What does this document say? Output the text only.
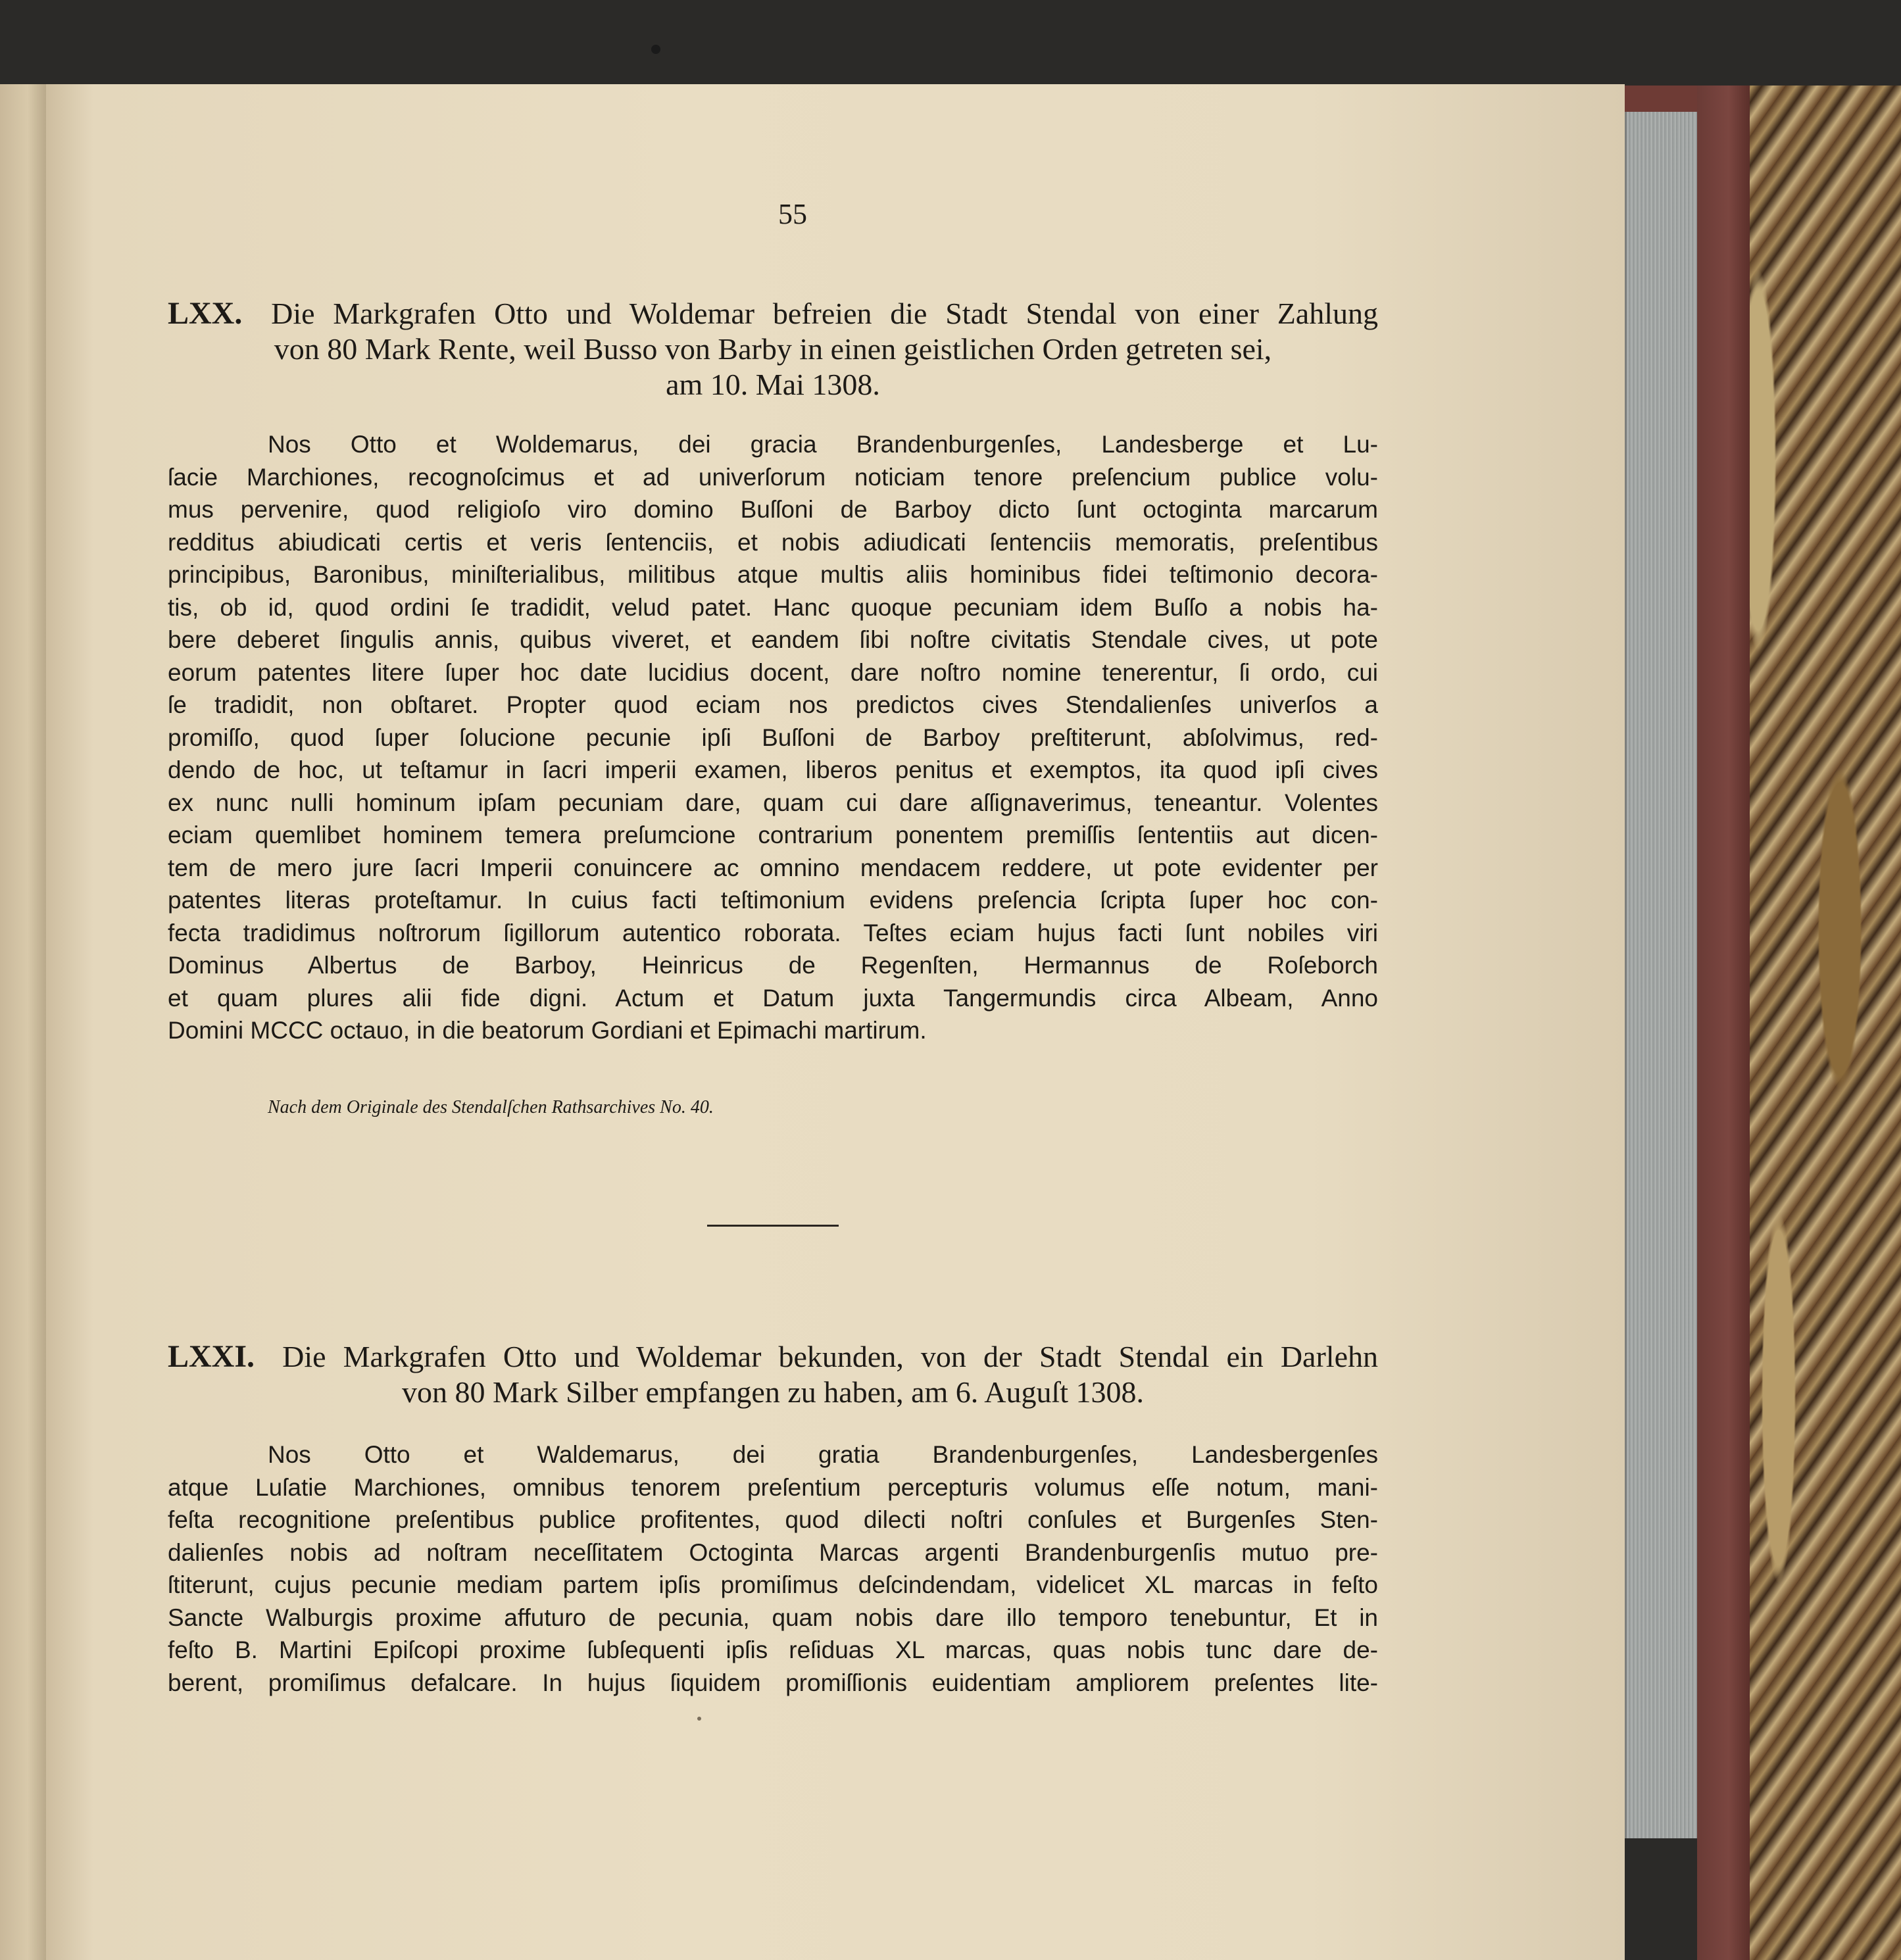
55
LXX. Die Markgrafen Otto und Woldemar befreien die Stadt Stendal von einer Zahlung
von 80 Mark Rente, weil Busso von Barby in einen geistlichen Orden getreten sei,
am 10. Mai 1308.
Nos Otto et Woldemarus, dei gracia Brandenburgenſes, Landesberge et Lu-
ſacie Marchiones, recognoſcimus et ad univerſorum noticiam tenore preſencium publice volu-
mus pervenire, quod religioſo viro domino Buſſoni de Barboy dicto ſunt octoginta marcarum
redditus abiudicati certis et veris ſentenciis, et nobis adiudicati ſentenciis memoratis, preſentibus
principibus, Baronibus, miniſterialibus, militibus atque multis aliis hominibus fidei teſtimonio decora-
tis, ob id, quod ordini ſe tradidit, velud patet. Hanc quoque pecuniam idem Buſſo a nobis ha-
bere deberet ſingulis annis, quibus viveret, et eandem ſibi noſtre civitatis Stendale cives, ut pote
eorum patentes litere ſuper hoc date lucidius docent, dare noſtro nomine tenerentur, ſi ordo, cui
ſe tradidit, non obſtaret. Propter quod eciam nos predictos cives Stendalienſes univerſos a
promiſſo, quod ſuper ſolucione pecunie ipſi Buſſoni de Barboy preſtiterunt, abſolvimus, red-
dendo de hoc, ut teſtamur in ſacri imperii examen, liberos penitus et exemptos, ita quod ipſi cives
ex nunc nulli hominum ipſam pecuniam dare, quam cui dare aſſignaverimus, teneantur. Volentes
eciam quemlibet hominem temera preſumcione contrarium ponentem premiſſis ſententiis aut dicen-
tem de mero jure ſacri Imperii conuincere ac omnino mendacem reddere, ut pote evidenter per
patentes literas proteſtamur. In cuius facti teſtimonium evidens preſencia ſcripta ſuper hoc con-
fecta tradidimus noſtrorum ſigillorum autentico roborata. Teſtes eciam hujus facti ſunt nobiles viri
Dominus Albertus de Barboy, Heinricus de Regenſten, Hermannus de Roſeborch
et quam plures alii fide digni. Actum et Datum juxta Tangermundis circa Albeam, Anno
Domini MCCC octauo, in die beatorum Gordiani et Epimachi martirum.
Nach dem Originale des Stendalſchen Rathsarchives No. 40.
LXXI. Die Markgrafen Otto und Woldemar bekunden, von der Stadt Stendal ein Darlehn
von 80 Mark Silber empfangen zu haben, am 6. Auguſt 1308.
Nos Otto et Waldemarus, dei gratia Brandenburgenſes, Landesbergenſes
atque Luſatie Marchiones, omnibus tenorem preſentium percepturis volumus eſſe notum, mani-
feſta recognitione preſentibus publice profitentes, quod dilecti noſtri conſules et Burgenſes Sten-
dalienſes nobis ad noſtram neceſſitatem Octoginta Marcas argenti Brandenburgenſis mutuo pre-
ſtiterunt, cujus pecunie mediam partem ipſis promiſimus deſcindendam, videlicet XL marcas in feſto
Sancte Walburgis proxime affuturo de pecunia, quam nobis dare illo temporo tenebuntur, Et in
feſto B. Martini Epiſcopi proxime ſubſequenti ipſis reſiduas XL marcas, quas nobis tunc dare de-
berent, promiſimus defalcare. In hujus ſiquidem promiſſionis euidentiam ampliorem preſentes lite-
